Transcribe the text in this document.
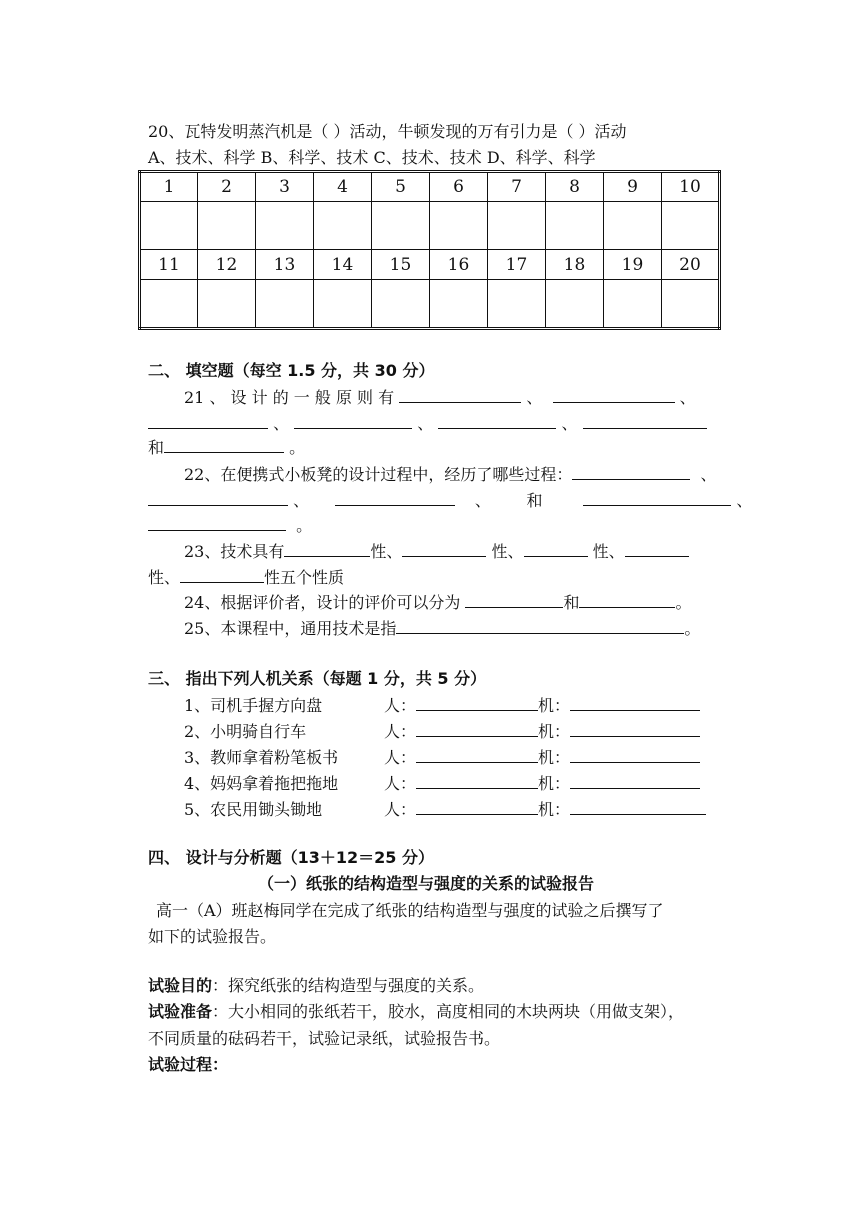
20、瓦特发明蒸汽机是（ ）活动，牛顿发现的万有引力是（ ）活动
A、技术、科学 B、科学、技术 C、技术、技术 D、科学、科学
1	2	3	4	5	6	7	8	9	10

11	12	13	14	15	16	17	18	19	20

二、 填空题（每空 1.5 分，共 30 分）
21 、 设 计 的 一 般 原 则 有	、	、
、	、	、
和	。
22、在便携式小板凳的设计过程中，经历了哪些过程：	、
、	、 和	、
。
23、技术具有	性、	性、	性、
性、	性五个性质
24、根据评价者，设计的评价可以分为	和	。
25、本课程中，通用技术是指	。
三、 指出下列人机关系（每题 1 分，共 5 分）
1、司机手握方向盘	人：	机：
2、小明骑自行车	人：	机：
3、教师拿着粉笔板书	人：	机：
4、妈妈拿着拖把拖地	人：	机：
5、农民用锄头锄地	人：	机：
四、 设计与分析题（13＋12＝25 分）
（一）纸张的结构造型与强度的关系的试验报告
高一（A）班赵梅同学在完成了纸张的结构造型与强度的试验之后撰写了
如下的试验报告。
试验目的：探究纸张的结构造型与强度的关系。
试验准备：大小相同的张纸若干，胶水，高度相同的木块两块（用做支架），
不同质量的砝码若干，试验记录纸，试验报告书。
试验过程：
